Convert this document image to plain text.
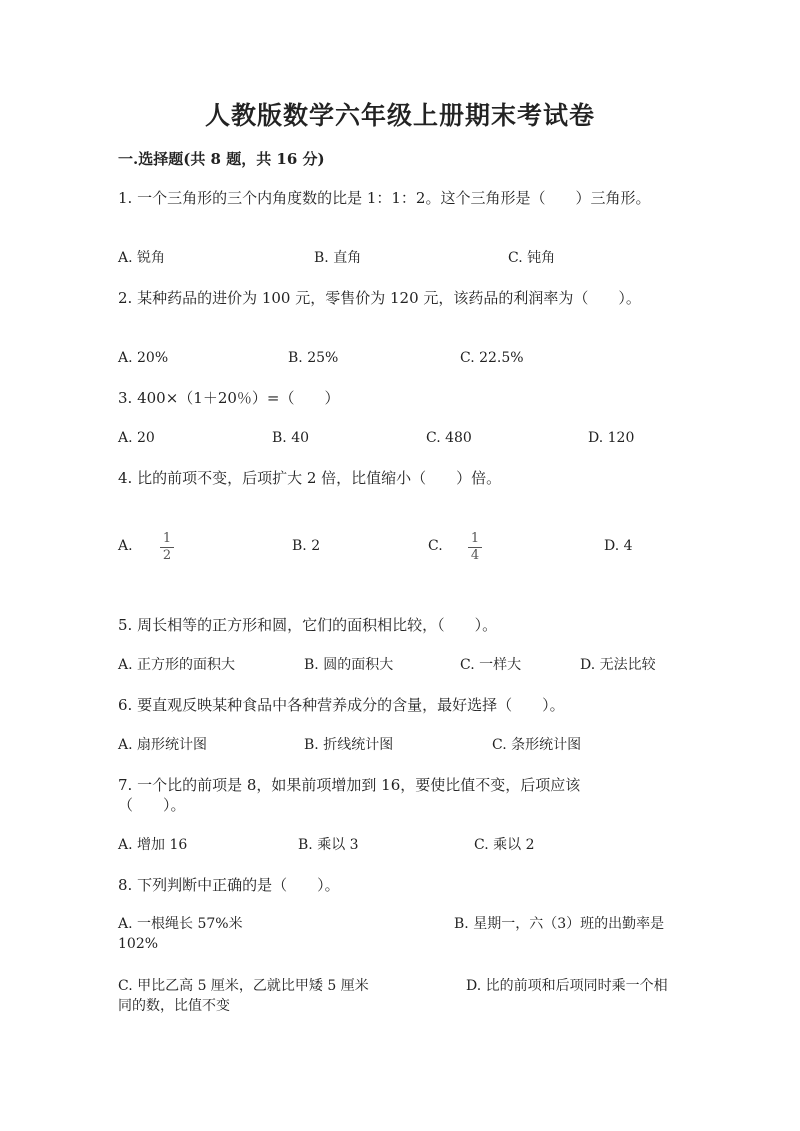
人教版数学六年级上册期末考试卷
一.选择题(共 8 题，共 16 分)
1. 一个三角形的三个内角度数的比是 1：1：2。这个三角形是（　　）三角形。
A. 锐角	B. 直角	C. 钝角
2. 某种药品的进价为 100 元，零售价为 120 元，该药品的利润率为（　　）。
A. 20%	B. 25%	C. 22.5%
3. 400×（1＋20％）=（　　）
A. 20	B. 40	C. 480	D. 120
4. 比的前项不变，后项扩大 2 倍，比值缩小（　　）倍。
A. 1
2
B. 2	C. 1
4
D. 4
5. 周长相等的正方形和圆，它们的面积相比较，（　　）。
A. 正方形的面积大	B. 圆的面积大	C. 一样大	D. 无法比较
6. 要直观反映某种食品中各种营养成分的含量，最好选择（　　）。
A. 扇形统计图	B. 折线统计图	C. 条形统计图
7. 一个比的前项是 8，如果前项增加到 16，要使比值不变，后项应该（　　）。
A. 增加 16	B. 乘以 3	C. 乘以 2
8. 下列判断中正确的是（　　）。
A. 一根绳长 57%米	B. 星期一，六（3）班的出勤率是 102%
C. 甲比乙高 5 厘米，乙就比甲矮 5 厘米	D. 比的前项和后项同时乘一个相同的数，比值不变
